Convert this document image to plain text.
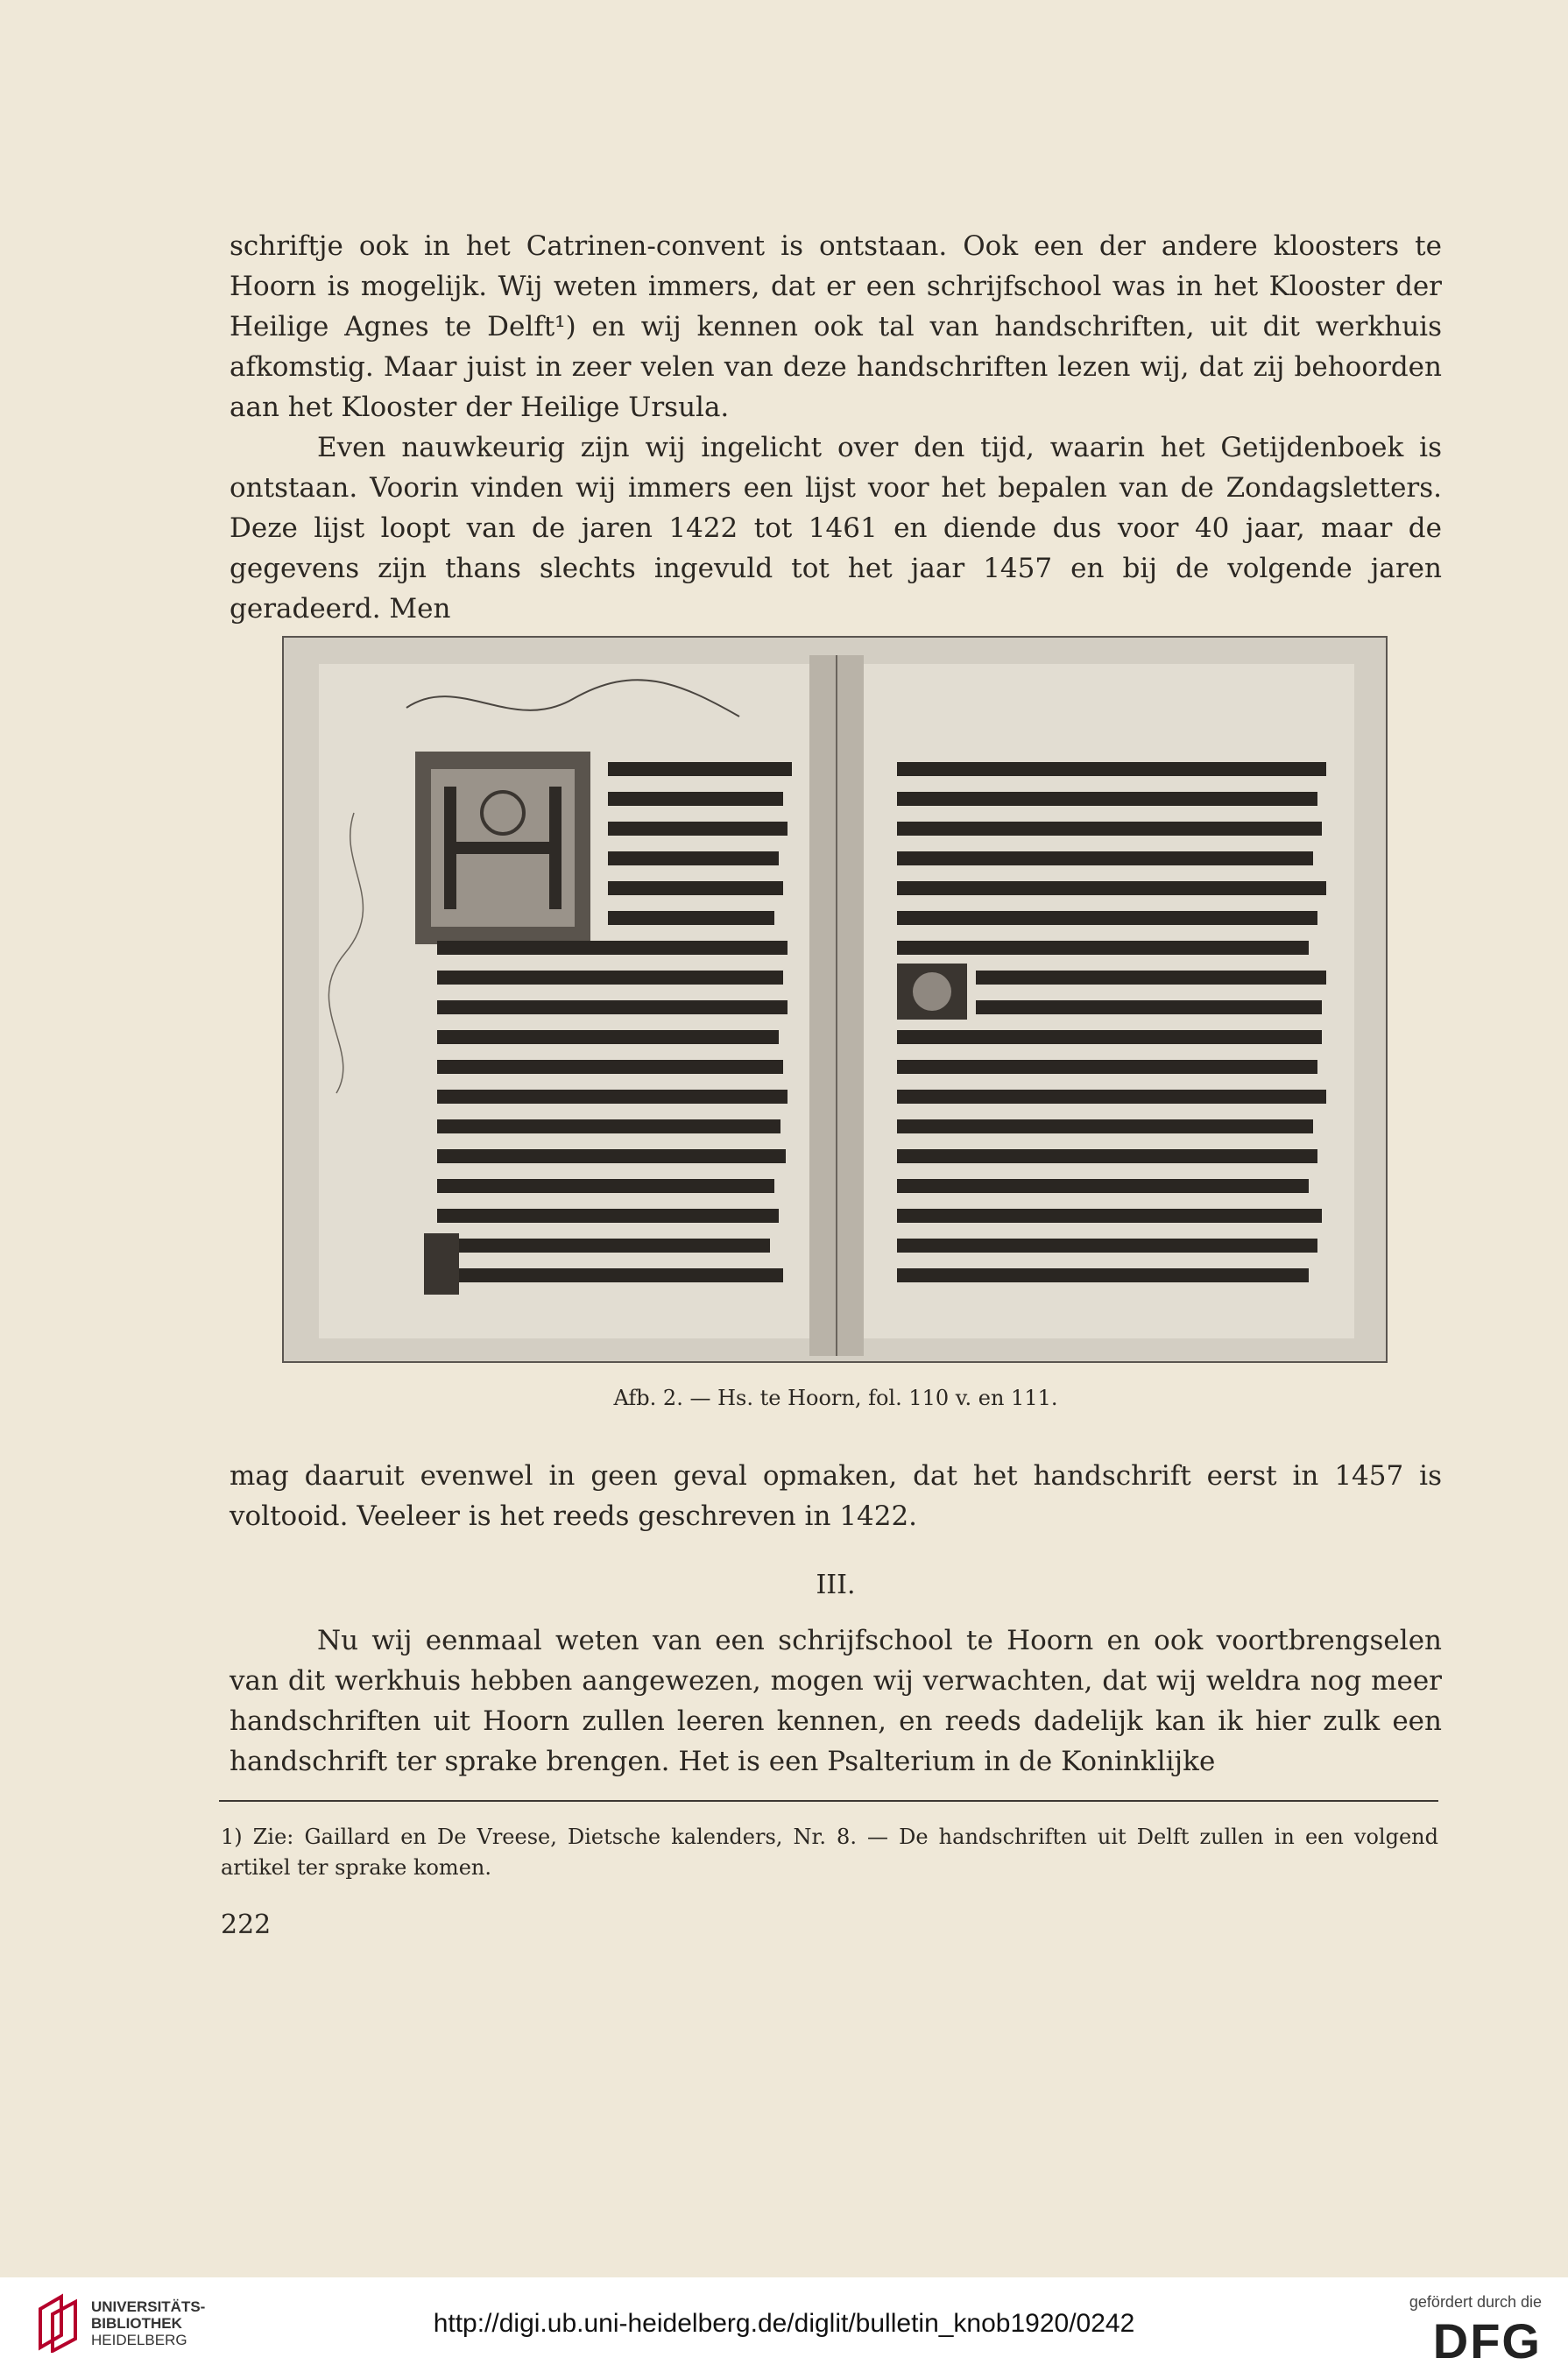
schriftje ook in het Catrinen-convent is ontstaan. Ook een der andere kloosters te Hoorn is mogelijk. Wij weten immers, dat er een schrijfschool was in het Klooster der Heilige Agnes te Delft¹) en wij kennen ook tal van handschriften, uit dit werkhuis afkomstig. Maar juist in zeer velen van deze handschriften lezen wij, dat zij behoorden aan het Klooster der Heilige Ursula.

Even nauwkeurig zijn wij ingelicht over den tijd, waarin het Getijdenboek is ontstaan. Voorin vinden wij immers een lijst voor het bepalen van de Zondagsletters. Deze lijst loopt van de jaren 1422 tot 1461 en diende dus voor 40 jaar, maar de gegevens zijn thans slechts ingevuld tot het jaar 1457 en bij de volgende jaren geradeerd. Men

Afb. 2. — Hs. te Hoorn, fol. 110 v. en 111.

mag daaruit evenwel in geen geval opmaken, dat het handschrift eerst in 1457 is voltooid. Veeleer is het reeds geschreven in 1422.

III.

Nu wij eenmaal weten van een schrijfschool te Hoorn en ook voortbrengselen van dit werkhuis hebben aangewezen, mogen wij verwachten, dat wij weldra nog meer handschriften uit Hoorn zullen leeren kennen, en reeds dadelijk kan ik hier zulk een handschrift ter sprake brengen. Het is een Psalterium in de Koninklijke

1) Zie: Gaillard en De Vreese, Dietsche kalenders, Nr. 8. — De handschriften uit Delft zullen in een volgend artikel ter sprake komen.
222
UNIVERSITÄTS-
BIBLIOTHEK
HEIDELBERG
http://digi.ub.uni-heidelberg.de/diglit/bulletin_knob1920/0242
gefördert durch die
DFG
